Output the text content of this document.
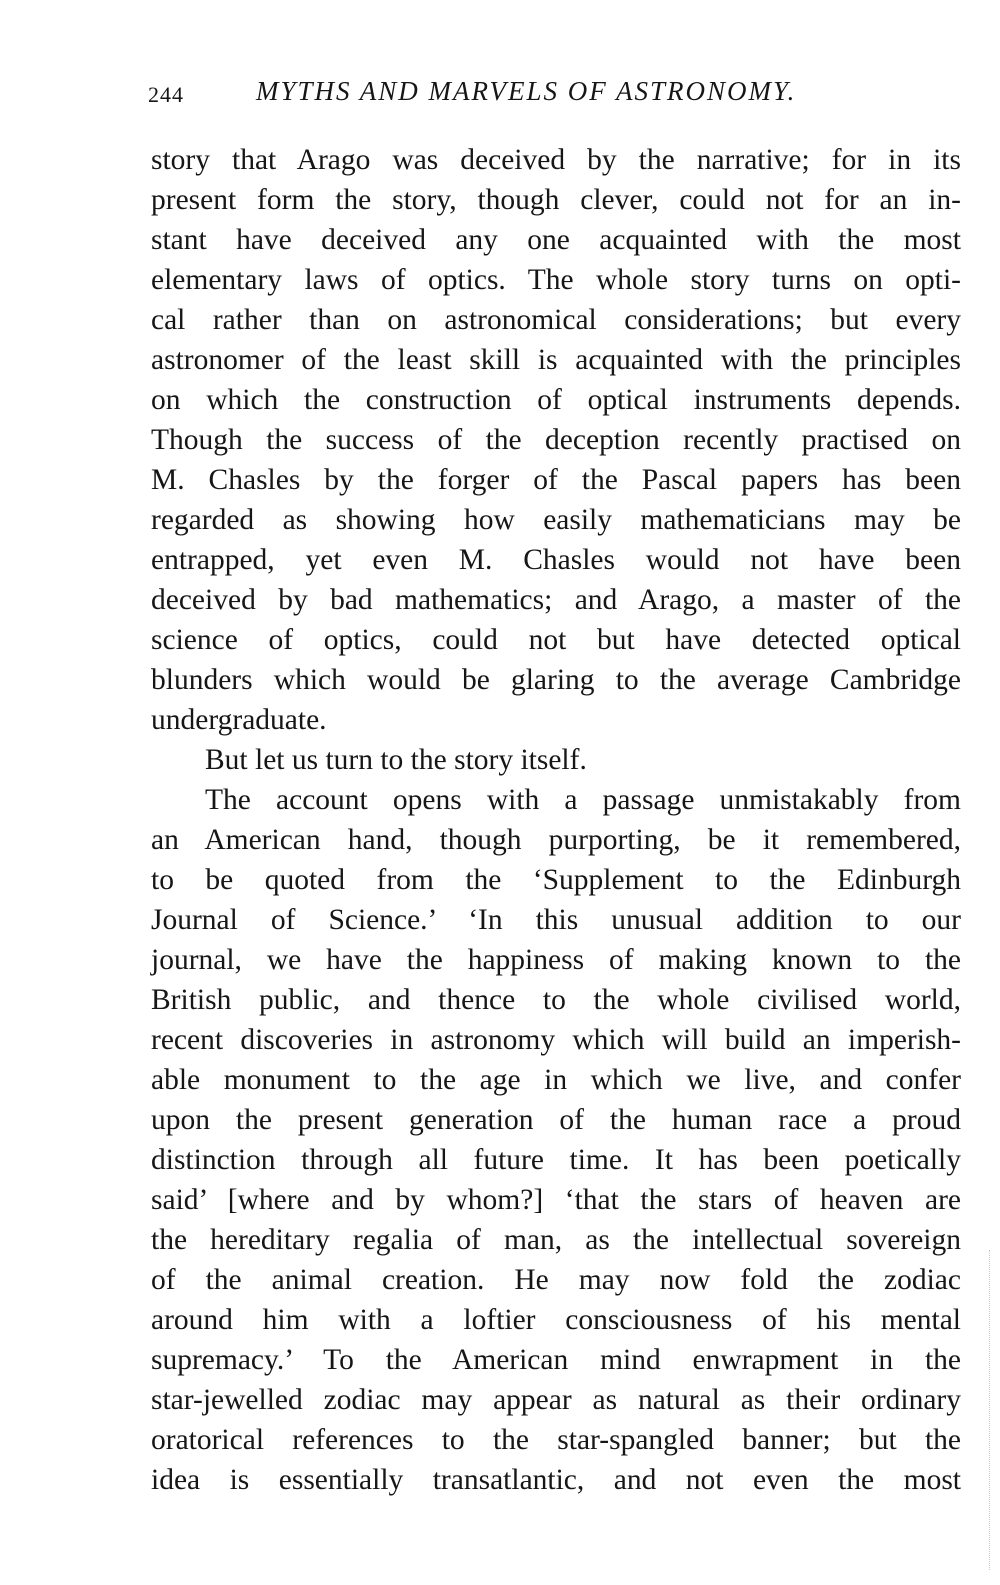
244	MYTHS AND MARVELS OF ASTRONOMY.
story that Arago was deceived by the narrative; for in its
present form the story, though clever, could not for an in-
stant have deceived any one acquainted with the most
elementary laws of optics. The whole story turns on opti-
cal rather than on astronomical considerations; but every
astronomer of the least skill is acquainted with the principles
on which the construction of optical instruments depends.
Though the success of the deception recently practised on
M. Chasles by the forger of the Pascal papers has been
regarded as showing how easily mathematicians may be
entrapped, yet even M. Chasles would not have been
deceived by bad mathematics; and Arago, a master of the
science of optics, could not but have detected optical
blunders which would be glaring to the average Cambridge
undergraduate.
But let us turn to the story itself.
The account opens with a passage unmistakably from
an American hand, though purporting, be it remembered,
to be quoted from the ‘Supplement to the Edinburgh
Journal of Science.’ ‘In this unusual addition to our
journal, we have the happiness of making known to the
British public, and thence to the whole civilised world,
recent discoveries in astronomy which will build an imperish-
able monument to the age in which we live, and confer
upon the present generation of the human race a proud
distinction through all future time. It has been poetically
said’ [where and by whom?] ‘that the stars of heaven are
the hereditary regalia of man, as the intellectual sovereign
of the animal creation. He may now fold the zodiac
around him with a loftier consciousness of his mental
supremacy.’ To the American mind enwrapment in the
star-jewelled zodiac may appear as natural as their ordinary
oratorical references to the star-spangled banner; but the
idea is essentially transatlantic, and not even the most
